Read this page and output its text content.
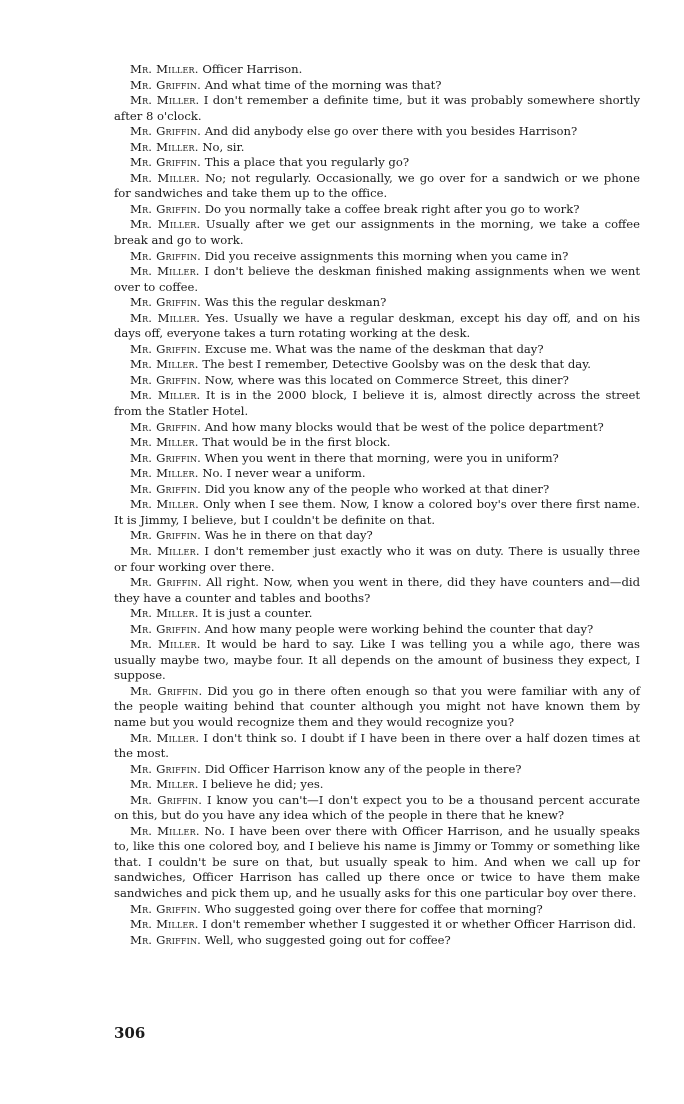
Mr. Miller. Officer Harrison.

Mr. Griffin. And what time of the morning was that?

Mr. Miller. I don't remember a definite time, but it was probably somewhere shortly after 8 o'clock.

Mr. Griffin. And did anybody else go over there with you besides Harrison?

Mr. Miller. No, sir.

Mr. Griffin. This a place that you regularly go?

Mr. Miller. No; not regularly. Occasionally, we go over for a sandwich or we phone for sandwiches and take them up to the office.

Mr. Griffin. Do you normally take a coffee break right after you go to work?

Mr. Miller. Usually after we get our assignments in the morning, we take a coffee break and go to work.

Mr. Griffin. Did you receive assignments this morning when you came in?

Mr. Miller. I don't believe the deskman finished making assignments when we went over to coffee.

Mr. Griffin. Was this the regular deskman?

Mr. Miller. Yes. Usually we have a regular deskman, except his day off, and on his days off, everyone takes a turn rotating working at the desk.

Mr. Griffin. Excuse me. What was the name of the deskman that day?

Mr. Miller. The best I remember, Detective Goolsby was on the desk that day.

Mr. Griffin. Now, where was this located on Commerce Street, this diner?

Mr. Miller. It is in the 2000 block, I believe it is, almost directly across the street from the Statler Hotel.

Mr. Griffin. And how many blocks would that be west of the police department?

Mr. Miller. That would be in the first block.

Mr. Griffin. When you went in there that morning, were you in uniform?

Mr. Miller. No. I never wear a uniform.

Mr. Griffin. Did you know any of the people who worked at that diner?

Mr. Miller. Only when I see them. Now, I know a colored boy's over there first name. It is Jimmy, I believe, but I couldn't be definite on that.

Mr. Griffin. Was he in there on that day?

Mr. Miller. I don't remember just exactly who it was on duty. There is usually three or four working over there.

Mr. Griffin. All right. Now, when you went in there, did they have counters and—did they have a counter and tables and booths?

Mr. Miller. It is just a counter.

Mr. Griffin. And how many people were working behind the counter that day?

Mr. Miller. It would be hard to say. Like I was telling you a while ago, there was usually maybe two, maybe four. It all depends on the amount of business they expect, I suppose.

Mr. Griffin. Did you go in there often enough so that you were familiar with any of the people waiting behind that counter although you might not have known them by name but you would recognize them and they would recognize you?

Mr. Miller. I don't think so. I doubt if I have been in there over a half dozen times at the most.

Mr. Griffin. Did Officer Harrison know any of the people in there?

Mr. Miller. I believe he did; yes.

Mr. Griffin. I know you can't—I don't expect you to be a thousand percent accurate on this, but do you have any idea which of the people in there that he knew?

Mr. Miller. No. I have been over there with Officer Harrison, and he usually speaks to, like this one colored boy, and I believe his name is Jimmy or Tommy or something like that. I couldn't be sure on that, but usually speak to him. And when we call up for sandwiches, Officer Harrison has called up there once or twice to have them make sandwiches and pick them up, and he usually asks for this one particular boy over there.

Mr. Griffin. Who suggested going over there for coffee that morning?

Mr. Miller. I don't remember whether I suggested it or whether Officer Harrison did.

Mr. Griffin. Well, who suggested going out for coffee?

306
